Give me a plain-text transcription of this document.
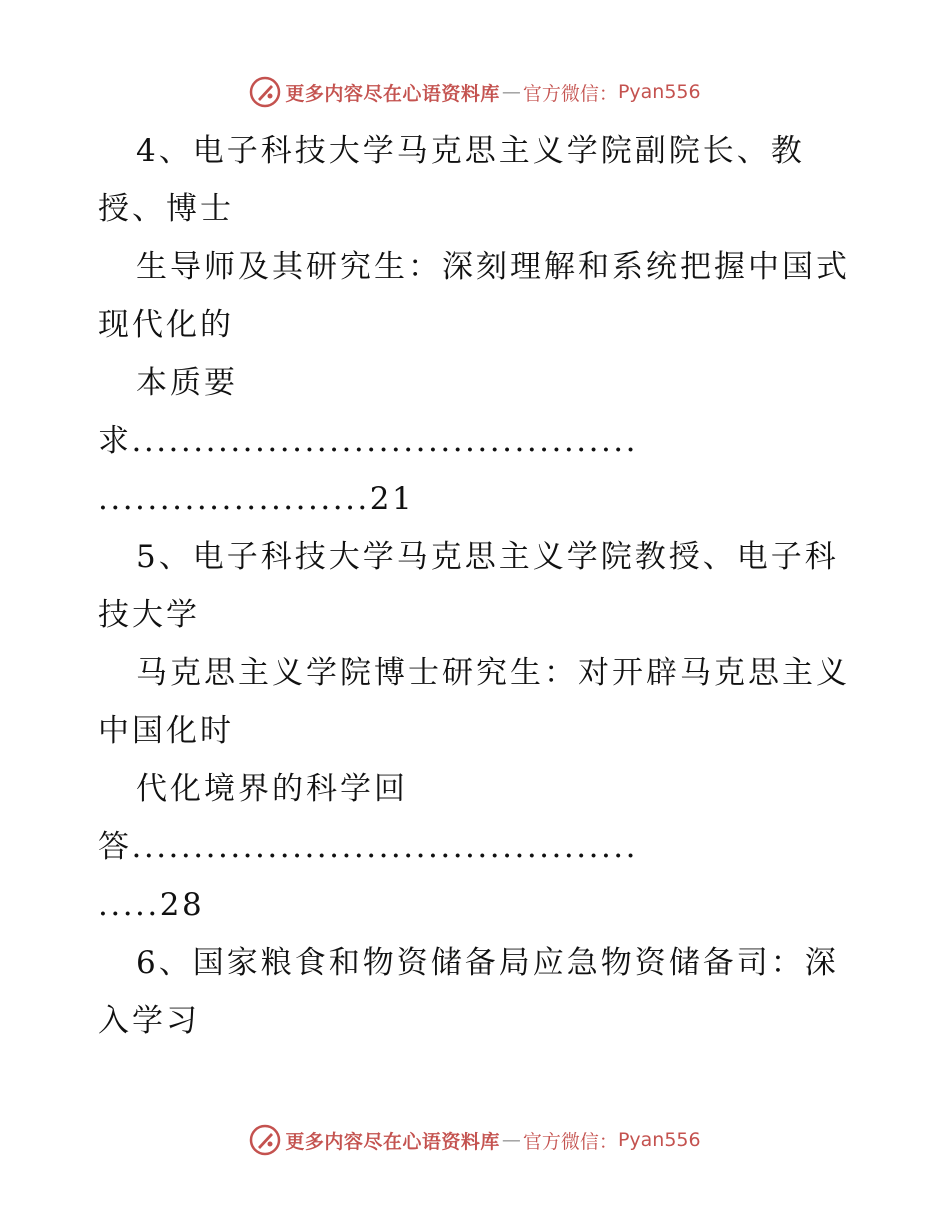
更多内容尽在心语资料库 — 官方微信 ： Pyan556
4、电子科技大学马克思主义学院副院长、教
授、博士
生导师及其研究生：深刻理解和系统把握中国式
现代化的
本质要
求.........................................
......................21
5、电子科技大学马克思主义学院教授、电子科
技大学
马克思主义学院博士研究生：对开辟马克思主义
中国化时
代化境界的科学回
答.........................................
.....28
6、国家粮食和物资储备局应急物资储备司：深
入学习
更多内容尽在心语资料库 — 官方微信 ： Pyan556
